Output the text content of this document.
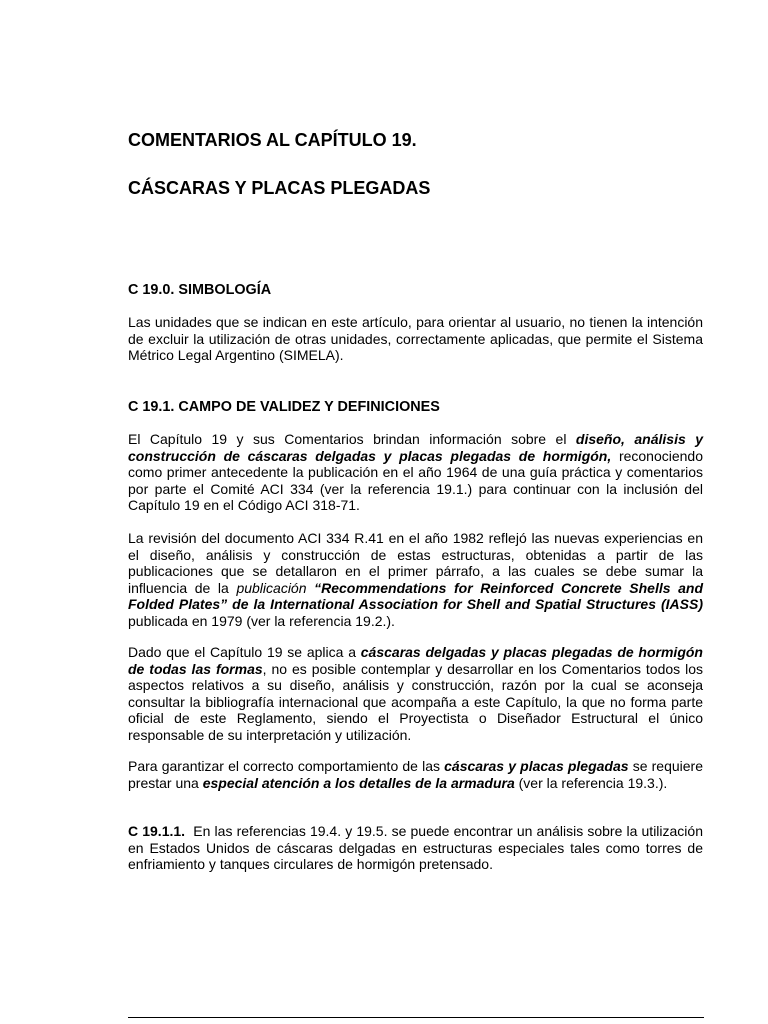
COMENTARIOS AL CAPÍTULO 19.
CÁSCARAS Y PLACAS PLEGADAS
C 19.0. SIMBOLOGÍA

Las unidades que se indican en este artículo, para orientar al usuario, no tienen la intención de excluir la utilización de otras unidades, correctamente aplicadas, que permite el Sistema Métrico Legal Argentino (SIMELA).

C 19.1. CAMPO DE VALIDEZ Y DEFINICIONES

El Capítulo 19 y sus Comentarios brindan información sobre el diseño, análisis y construcción de cáscaras delgadas y placas plegadas de hormigón, reconociendo como primer antecedente la publicación en el año 1964 de una guía práctica y comentarios por parte el Comité ACI 334 (ver la referencia 19.1.) para continuar con la inclusión del Capítulo 19 en el Código ACI 318-71.

La revisión del documento ACI 334 R.41 en el año 1982 reflejó las nuevas experiencias en el diseño, análisis y construcción de estas estructuras, obtenidas a partir de las publicaciones que se detallaron en el primer párrafo, a las cuales se debe sumar la influencia de la publicación “Recommendations for Reinforced Concrete Shells and Folded Plates” de la International Association for Shell and Spatial Structures (IASS) publicada en 1979 (ver la referencia 19.2.).

Dado que el Capítulo 19 se aplica a cáscaras delgadas y placas plegadas de hormigón de todas las formas, no es posible contemplar y desarrollar en los Comentarios todos los aspectos relativos a su diseño, análisis y construcción, razón por la cual se aconseja consultar la bibliografía internacional que acompaña a este Capítulo, la que no forma parte oficial de este Reglamento, siendo el Proyectista o Diseñador Estructural el único responsable de su interpretación y utilización.

Para garantizar el correcto comportamiento de las cáscaras y placas plegadas se requiere prestar una especial atención a los detalles de la armadura (ver la referencia 19.3.).

C 19.1.1.  En las referencias 19.4. y 19.5. se puede encontrar un análisis sobre la utilización en Estados Unidos de cáscaras delgadas en estructuras especiales tales como torres de enfriamiento y tanques circulares de hormigón pretensado.
